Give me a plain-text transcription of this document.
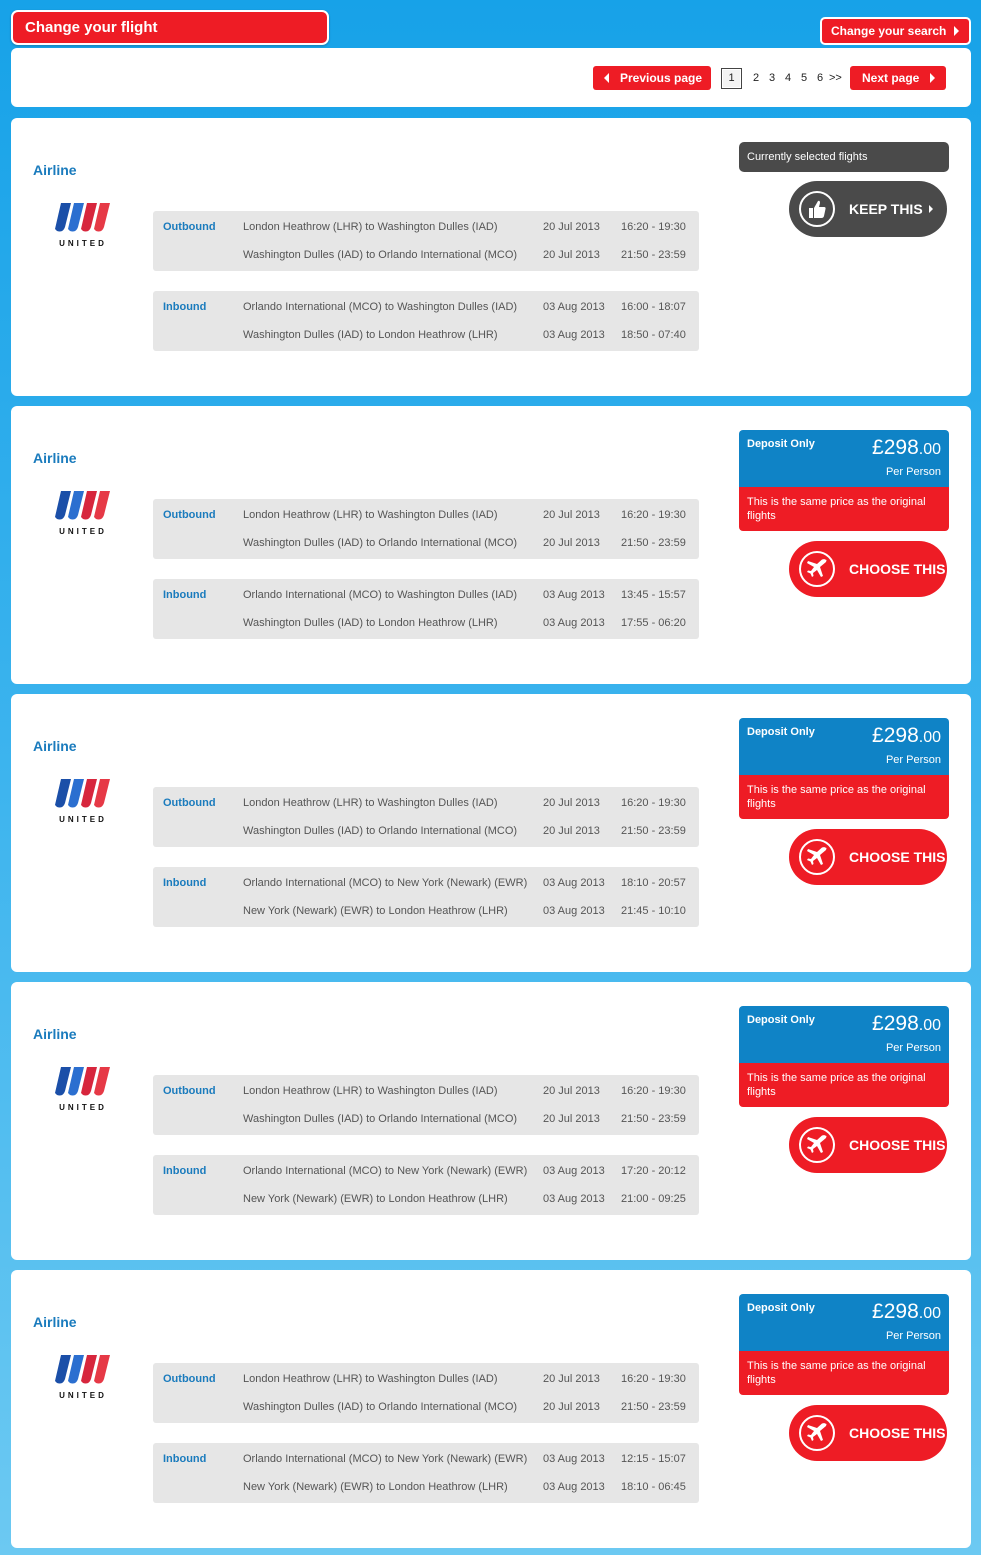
Change your flight	Change your search
Previous page	1	2 3 4 5 6 >>	Next page
Airline
UNITED
Outbound London Heathrow (LHR) to Washington Dulles (IAD)	20 Jul 2013 16:20 - 19:30
Washington Dulles (IAD) to Orlando International (MCO) 20 Jul 2013 21:50 - 23:59
Inbound	Orlando International (MCO) to Washington Dulles (IAD) 03 Aug 2013 16:00 - 18:07
Washington Dulles (IAD) to London Heathrow (LHR)	03 Aug 2013 18:50 - 07:40
Currently selected flights
KEEP THIS
Airline
UNITED
Outbound London Heathrow (LHR) to Washington Dulles (IAD)	20 Jul 2013 16:20 - 19:30
Washington Dulles (IAD) to Orlando International (MCO) 20 Jul 2013 21:50 - 23:59
Inbound	Orlando International (MCO) to Washington Dulles (IAD) 03 Aug 2013 13:45 - 15:57
Washington Dulles (IAD) to London Heathrow (LHR)	03 Aug 2013 17:55 - 06:20
Deposit Only	£298.00
Per Person
This is the same price as the original flights
CHOOSE THIS
Airline
UNITED
Outbound London Heathrow (LHR) to Washington Dulles (IAD)	20 Jul 2013 16:20 - 19:30
Washington Dulles (IAD) to Orlando International (MCO) 20 Jul 2013 21:50 - 23:59
Inbound	Orlando International (MCO) to New York (Newark) (EWR) 03 Aug 2013 18:10 - 20:57
New York (Newark) (EWR) to London Heathrow (LHR)	03 Aug 2013 21:45 - 10:10
Deposit Only	£298.00
Per Person
This is the same price as the original flights
CHOOSE THIS
Airline
UNITED
Outbound London Heathrow (LHR) to Washington Dulles (IAD)	20 Jul 2013 16:20 - 19:30
Washington Dulles (IAD) to Orlando International (MCO) 20 Jul 2013 21:50 - 23:59
Inbound	Orlando International (MCO) to New York (Newark) (EWR) 03 Aug 2013 17:20 - 20:12
New York (Newark) (EWR) to London Heathrow (LHR)	03 Aug 2013 21:00 - 09:25
Deposit Only	£298.00
Per Person
This is the same price as the original flights
CHOOSE THIS
Airline
UNITED
Outbound London Heathrow (LHR) to Washington Dulles (IAD)	20 Jul 2013 16:20 - 19:30
Washington Dulles (IAD) to Orlando International (MCO) 20 Jul 2013 21:50 - 23:59
Inbound	Orlando International (MCO) to New York (Newark) (EWR) 03 Aug 2013 12:15 - 15:07
New York (Newark) (EWR) to London Heathrow (LHR)	03 Aug 2013 18:10 - 06:45
Deposit Only	£298.00
Per Person
This is the same price as the original flights
CHOOSE THIS
